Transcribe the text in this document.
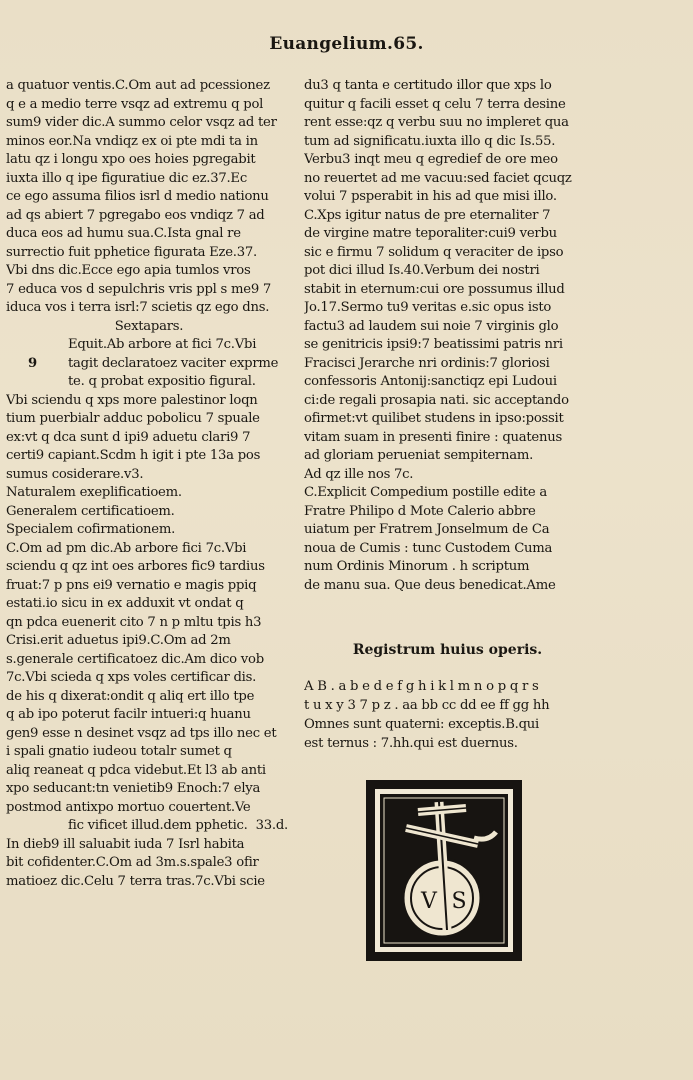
Euangelium.65.
a quatuor ventis.C.Om aut ad pcessionez
q e a medio terre vsqz ad extremu q pol
sum9 vider dic.A summo celor vsqz ad ter
minos eor.Na vndiqz ex oi pte mdi ta in
latu qz i longu xpo oes hoies pgregabit
iuxta illo q ipe figuratiue dic ez.37.Ec
ce ego assuma filios isrl d medio nationu
ad qs abiert 7 pgregabo eos vndiqz 7 ad
duca eos ad humu sua.C.Ista gnal re
surrectio fuit pphetice figurata Eze.37.
Vbi dns dic.Ecce ego apia tumlos vros
7 educa vos d sepulchris vris ppl s me9 7
iduca vos i terra isrl:7 scietis qz ego dns.
Sextapars.
Equit.Ab arbore at fici 7c.Vbi
tagit declaratoez vaciter exprme
9
te. q probat expositio figural.
Vbi sciendu q xps more palestinor loqn
tium puerbialr adduc pobolicu 7 spuale
ex:vt q dca sunt d ipi9 aduetu clari9 7
certi9 capiant.Scdm h igit i pte 13a pos
sumus cosiderare.v3.
Naturalem exeplificatioem.
Generalem certificatioem.
Specialem cofirmationem.
C.Om ad pm dic.Ab arbore fici 7c.Vbi
sciendu q qz int oes arbores fic9 tardius
fruat:7 p pns ei9 vernatio e magis ppiq
estati.io sicu in ex adduxit vt ondat q
qn pdca euenerit cito 7 n p mltu tpis h3
Crisi.erit aduetus ipi9.C.Om ad 2m
s.generale certificatoez dic.Am dico vob
7c.Vbi scieda q xps voles certificar dis.
de his q dixerat:ondit q aliq ert illo tpe
q ab ipo poterut facilr intueri:q huanu
gen9 esse n desinet vsqz ad tps illo nec et
i spali gnatio iudeou totalr sumet q
aliq reaneat q pdca videbut.Et l3 ab anti
xpo seducant:tn venietib9 Enoch:7 elya
postmod antixpo mortuo couertent.Ve
fic vificet illud.dem pphetic. 33.d.
In dieb9 ill saluabit iuda 7 Isrl habita
bit cofidenter.C.Om ad 3m.s.spale3 ofir
matioez dic.Celu 7 terra tras.7c.Vbi scie
du3 q tanta e certitudo illor que xps lo
quitur q facili esset q celu 7 terra desine
rent esse:qz q verbu suu no impleret qua
tum ad significatu.iuxta illo q dic Is.55.
Verbu3 inqt meu q egredief de ore meo
no reuertet ad me vacuu:sed faciet qcuqz
volui 7 psperabit in his ad que misi illo.
C.Xps igitur natus de pre eternaliter 7
de virgine matre teporaliter:cui9 verbu
sic e firmu 7 solidum q veraciter de ipso
pot dici illud Is.40.Verbum dei nostri
stabit in eternum:cui ore possumus illud
Jo.17.Sermo tu9 veritas e.sic opus isto
factu3 ad laudem sui noie 7 virginis glo
se genitricis ipsi9:7 beatissimi patris nri
Fracisci Jerarche nri ordinis:7 gloriosi
confessoris Antonij:sanctiqz epi Ludoui
ci:de regali prosapia nati. sic acceptando
ofirmet:vt quilibet studens in ipso:possit
vitam suam in presenti finire : quatenus
ad gloriam perueniat sempiternam.
Ad qz ille nos 7c.
C.Explicit Compedium postille edite a
Fratre Philipo d Mote Calerio abbre
uiatum per Fratrem Jonselmum de Ca
noua de Cumis : tunc Custodem Cuma
num Ordinis Minorum . h scriptum
de manu sua. Que deus benedicat.Ame
Registrum huius operis.
A B . a b e d e f g h i k l m n o p q r s
t u x y 3 7 p z . aa bb cc dd ee ff gg hh
Omnes sunt quaterni: exceptis.B.qui
est ternus : 7.hh.qui est duernus.
V S
